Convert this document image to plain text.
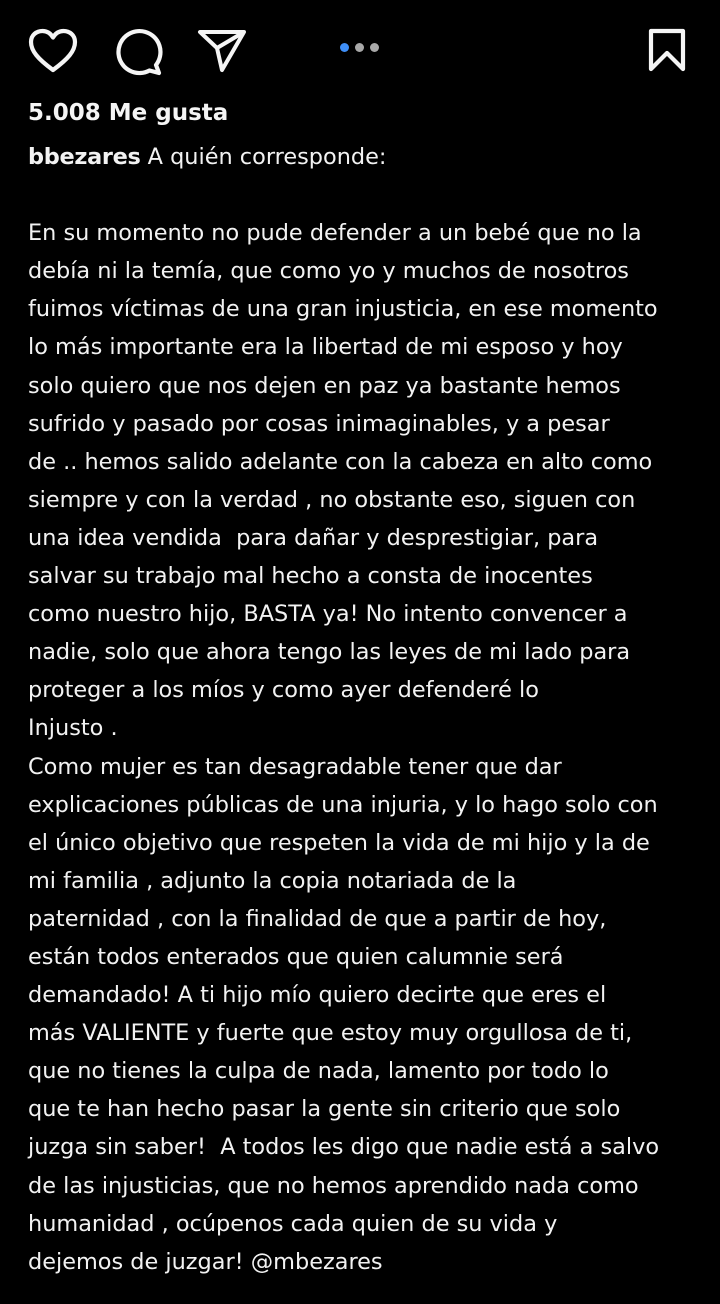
5.008 Me gusta
bbezares A quién corresponde:

En su momento no pude defender a un bebé que no la
debía ni la temía, que como yo y muchos de nosotros
fuimos víctimas de una gran injusticia, en ese momento
lo más importante era la libertad de mi esposo y hoy
solo quiero que nos dejen en paz ya bastante hemos
sufrido y pasado por cosas inimaginables, y a pesar
de .. hemos salido adelante con la cabeza en alto como
siempre y con la verdad , no obstante eso, siguen con
una idea vendida  para dañar y desprestigiar, para
salvar su trabajo mal hecho a consta de inocentes
como nuestro hijo, BASTA ya! No intento convencer a
nadie, solo que ahora tengo las leyes de mi lado para
proteger a los míos y como ayer defenderé lo
Injusto .
Como mujer es tan desagradable tener que dar
explicaciones públicas de una injuria, y lo hago solo con
el único objetivo que respeten la vida de mi hijo y la de
mi familia , adjunto la copia notariada de la
paternidad , con la finalidad de que a partir de hoy,
están todos enterados que quien calumnie será
demandado! A ti hijo mío quiero decirte que eres el
más VALIENTE y fuerte que estoy muy orgullosa de ti,
que no tienes la culpa de nada, lamento por todo lo
que te han hecho pasar la gente sin criterio que solo
juzga sin saber!  A todos les digo que nadie está a salvo
de las injusticias, que no hemos aprendido nada como
humanidad , ocúpenos cada quien de su vida y
dejemos de juzgar! @mbezares
